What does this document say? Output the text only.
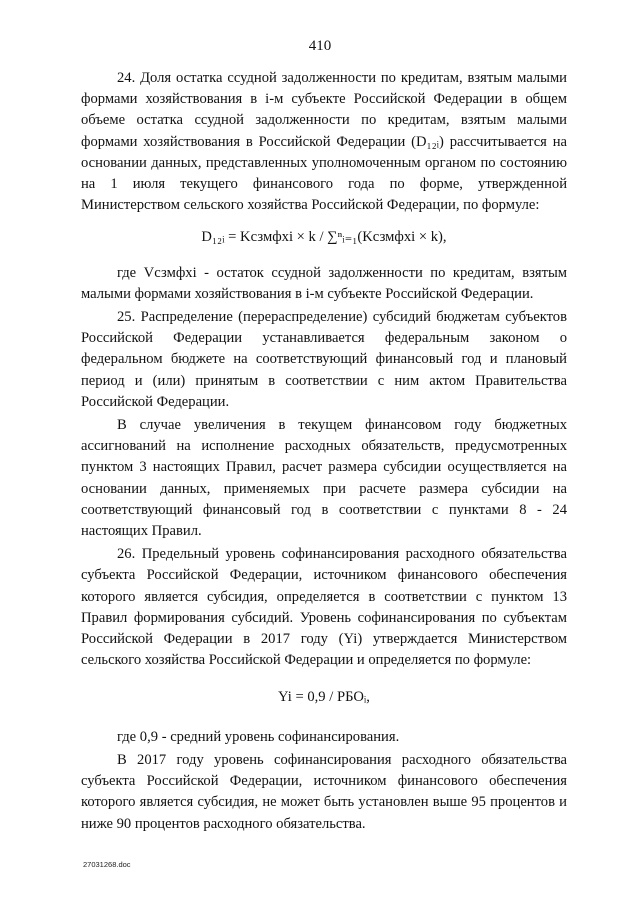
410

24. Доля остатка ссудной задолженности по кредитам, взятым малыми формами хозяйствования в i-м субъекте Российской Федерации в общем объеме остатка ссудной задолженности по кредитам, взятым малыми формами хозяйствования в Российской Федерации (D₁₂ᵢ) рассчитывается на основании данных, представленных уполномоченным органом по состоянию на 1 июля текущего финансового года по форме, утвержденной Министерством сельского хозяйства Российской Федерации, по формуле:

D₁₂ᵢ = Kсзмфхi × k / ∑ⁿᵢ₌₁(Kсзмфхi × k),

где Vсзмфхi - остаток ссудной задолженности по кредитам, взятым малыми формами хозяйствования в i-м субъекте Российской Федерации.

25. Распределение (перераспределение) субсидий бюджетам субъектов Российской Федерации устанавливается федеральным законом о федеральном бюджете на соответствующий финансовый год и плановый период и (или) принятым в соответствии с ним актом Правительства Российской Федерации.

В случае увеличения в текущем финансовом году бюджетных ассигнований на исполнение расходных обязательств, предусмотренных пунктом 3 настоящих Правил, расчет размера субсидии осуществляется на основании данных, применяемых при расчете размера субсидии на соответствующий финансовый год в соответствии с пунктами 8 - 24 настоящих Правил.

26. Предельный уровень софинансирования расходного обязательства субъекта Российской Федерации, источником финансового обеспечения которого является субсидия, определяется в соответствии с пунктом 13 Правил формирования субсидий. Уровень софинансирования по субъектам Российской Федерации в 2017 году (Yi) утверждается Министерством сельского хозяйства Российской Федерации и определяется по формуле:

Yi = 0,9 / РБОᵢ,

где 0,9 - средний уровень софинансирования.

В 2017 году уровень софинансирования расходного обязательства субъекта Российской Федерации, источником финансового обеспечения которого является субсидия, не может быть установлен выше 95 процентов и ниже 90 процентов расходного обязательства.

27031268.doc
